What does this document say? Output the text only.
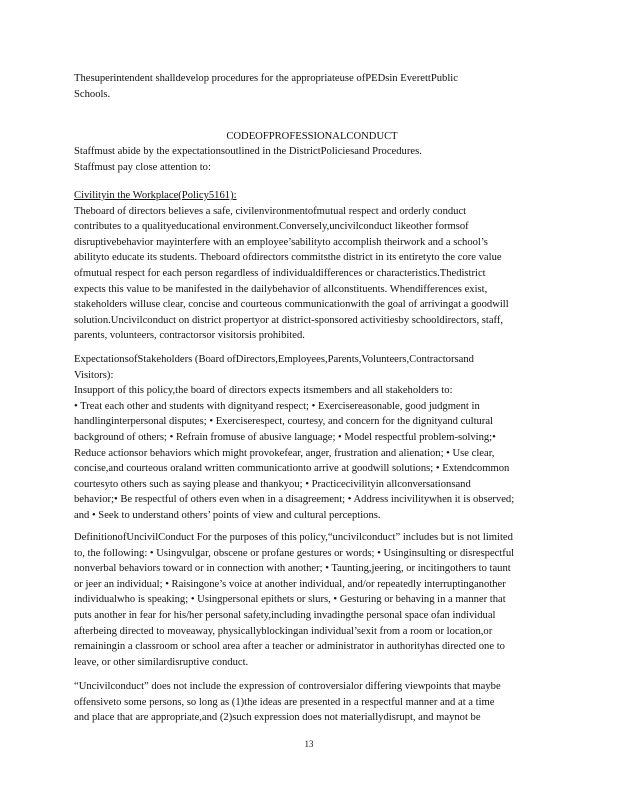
Thesuperintendent shalldevelop procedures for the appropriateuse ofPEDsin EverettPublic
Schools.
CODEOFPROFESSIONALCONDUCT
Staffmust abide by the expectationsoutlined in the DistrictPoliciesand Procedures.
Staffmust pay close attention to:
Civilityin the Workplace(Policy5161):
Theboard of directors believes a safe, civilenvironmentofmutual respect and orderly conduct
contributes to a qualityeducational environment.Conversely,uncivilconduct likeother formsof
disruptivebehavior mayinterfere with an employee’sabilityto accomplish theirwork and a school’s
abilityto educate its students. Theboard ofdirectors commitsthe district in its entiretyto the core value
ofmutual respect for each person regardless of individualdifferences or characteristics.Thedistrict
expects this value to be manifested in the dailybehavior of allconstituents. Whendifferences exist,
stakeholders willuse clear, concise and courteous communicationwith the goal of arrivingat a goodwill
solution.Uncivilconduct on district propertyor at district-sponsored activitiesby schooldirectors, staff,
parents, volunteers, contractorsor visitorsis prohibited.
ExpectationsofStakeholders (Board ofDirectors,Employees,Parents,Volunteers,Contractorsand
Visitors):
Insupport of this policy,the board of directors expects itsmembers and all stakeholders to:
• Treat each other and students with dignityand respect; • Exercisereasonable, good judgment in
handlinginterpersonal disputes; • Exerciserespect, courtesy, and concern for the dignityand cultural
background of others; • Refrain fromuse of abusive language; • Model respectful problem-solving;•
Reduce actionsor behaviors which might provokefear, anger, frustration and alienation; • Use clear,
concise,and courteous oraland written communicationto arrive at goodwill solutions; • Extendcommon
courtesyto others such as saying please and thankyou; • Practicecivilityin allconversationsand
behavior;• Be respectful of others even when in a disagreement; • Address incivilitywhen it is observed;
and • Seek to understand others’ points of view and cultural perceptions.
DefinitionofUncivilConduct For the purposes of this policy,“uncivilconduct” includes but is not limited
to, the following: • Usingvulgar, obscene or profane gestures or words; • Usinginsulting or disrespectful
nonverbal behaviors toward or in connection with another; • Taunting,jeering, or incitingothers to taunt
or jeer an individual; • Raisingone’s voice at another individual, and/or repeatedly interruptinganother
individualwho is speaking; • Usingpersonal epithets or slurs, • Gesturing or behaving in a manner that
puts another in fear for his/her personal safety,including invadingthe personal space ofan individual
afterbeing directed to moveaway, physicallyblockingan individual’sexit from a room or location,or
remainingin a classroom or school area after a teacher or administrator in authorityhas directed one to
leave, or other similardisruptive conduct.
“Uncivilconduct” does not include the expression of controversialor differing viewpoints that maybe
offensiveto some persons, so long as (1)the ideas are presented in a respectful manner and at a time
and place that are appropriate,and (2)such expression does not materiallydisrupt, and maynot be
13
